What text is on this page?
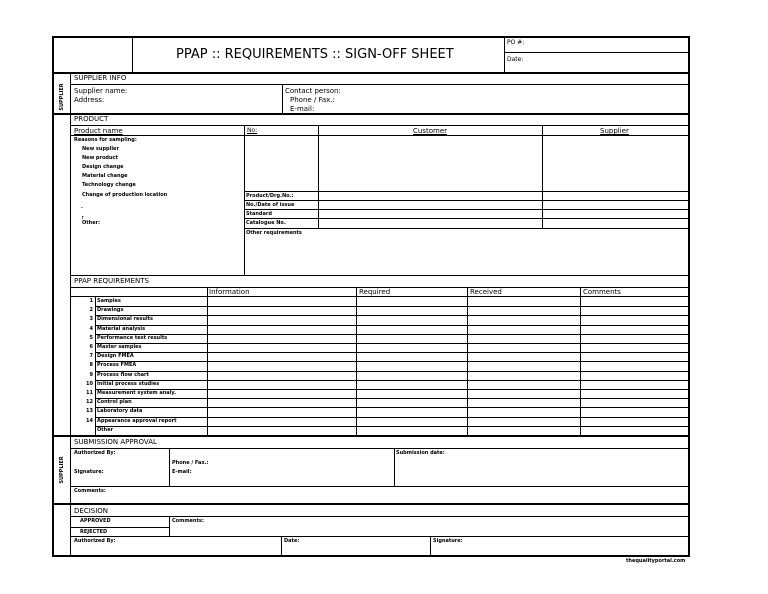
PPAP :: REQUIREMENTS :: SIGN-OFF SHEET
PO #:
Date:
SUPPLIER
SUPPLIER INFO
Supplier name:
Address:
Contact person:
Phone / Fax.:
E-mail:
PRODUCT
Product name	No:	Customer	Supplier
Reasons for sampling:
New supplier
New product
Design change
Material change
Technology change
Change of production location
.
¬
Other:
Product/Drg.No.:
No./Date of issue
Standard
Catalogue No.
Other requirements
PPAP REQUIREMENTS
Information	Required	Received	Comments
1 Samples
2 Drawings
3 Dimensional results
4 Material analysis
5 Performance test results
6 Master samples
7 Design FMEA
8 Process FMEA
9 Process flow chart
10 Initial process studies
11 Measurement system analy.
12 Control plan
13 Laboratory data
14 Appearance approval report
Other
SUPPLIER
SUBMISSION APPROVAL
Authorized By:
Signature:
Phone / Fax.:
E-mail:
Submission date:
Comments:
DECISION
APPROVED
REJECTED
Comments:
Authorized By:	Date:	Signature:
thequalityportal.com
